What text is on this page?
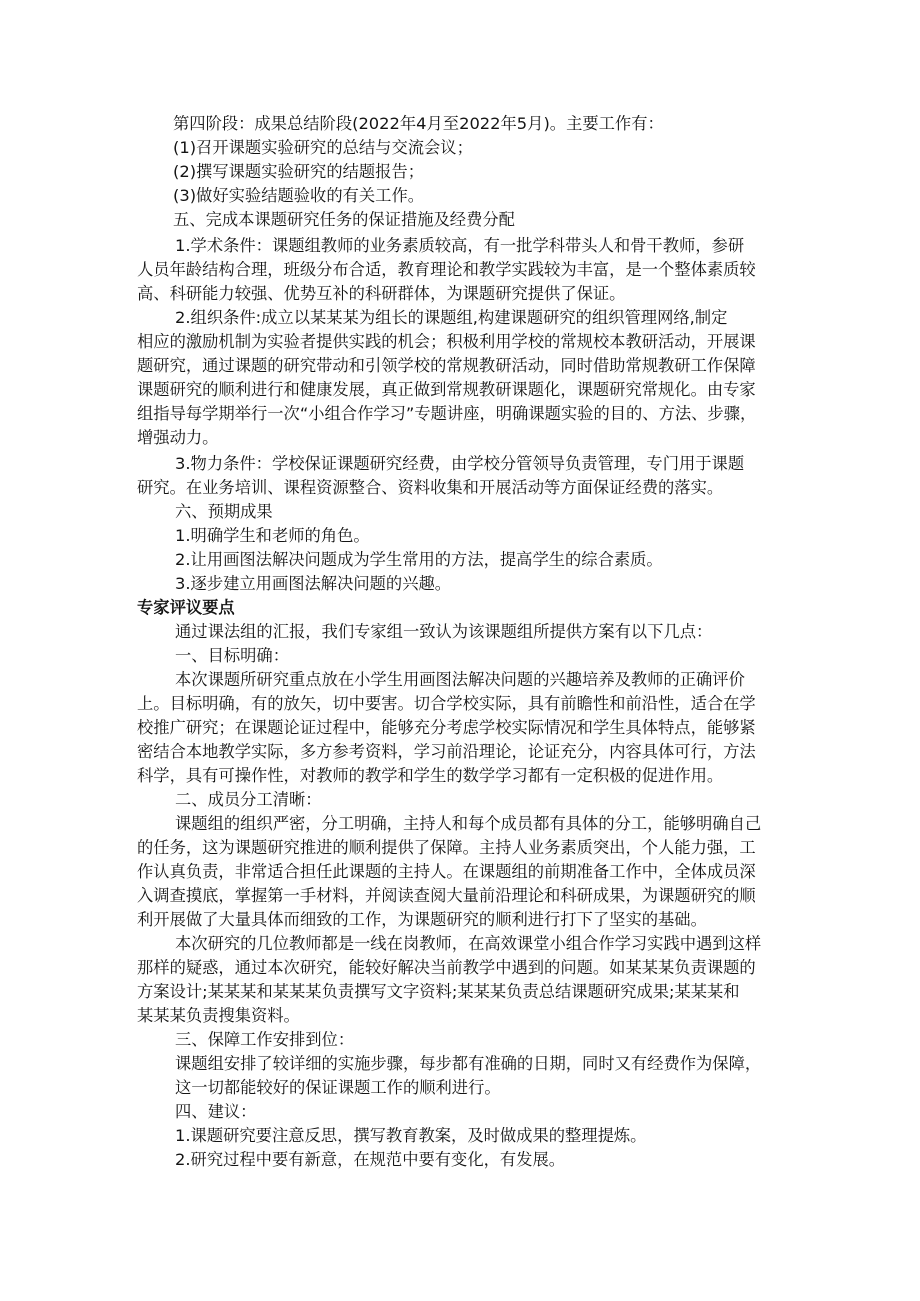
第四阶段：成果总结阶段(2022年4月至2022年5月)。主要工作有：
(1)召开课题实验研究的总结与交流会议；
(2)撰写课题实验研究的结题报告；
(3)做好实验结题验收的有关工作。
五、完成本课题研究任务的保证措施及经费分配
1.学术条件：课题组教师的业务素质较高，有一批学科带头人和骨干教师，参研
人员年龄结构合理，班级分布合适，教育理论和教学实践较为丰富，是一个整体素质较
高、科研能力较强、优势互补的科研群体，为课题研究提供了保证。
2.组织条件:成立以某某某为组长的课题组,构建课题研究的组织管理网络,制定
相应的激励机制为实验者提供实践的机会；积极利用学校的常规校本教研活动，开展课
题研究，通过课题的研究带动和引领学校的常规教研活动，同时借助常规教研工作保障
课题研究的顺利进行和健康发展，真正做到常规教研课题化，课题研究常规化。由专家
组指导每学期举行一次“小组合作学习”专题讲座，明确课题实验的目的、方法、步骤，
增强动力。
3.物力条件：学校保证课题研究经费，由学校分管领导负责管理，专门用于课题
研究。在业务培训、课程资源整合、资料收集和开展活动等方面保证经费的落实。
六、预期成果
1.明确学生和老师的角色。
2.让用画图法解决问题成为学生常用的方法，提高学生的综合素质。
3.逐步建立用画图法解决问题的兴趣。
专家评议要点
通过课法组的汇报，我们专家组一致认为该课题组所提供方案有以下几点：
一、目标明确：
本次课题所研究重点放在小学生用画图法解决问题的兴趣培养及教师的正确评价
上。目标明确，有的放矢，切中要害。切合学校实际，具有前瞻性和前沿性，适合在学
校推广研究；在课题论证过程中，能够充分考虑学校实际情况和学生具体特点，能够紧
密结合本地教学实际，多方参考资料，学习前沿理论，论证充分，内容具体可行，方法
科学，具有可操作性，对教师的教学和学生的数学学习都有一定积极的促进作用。
二、成员分工清晰：
课题组的组织严密，分工明确，主持人和每个成员都有具体的分工，能够明确自己
的任务，这为课题研究推进的顺利提供了保障。主持人业务素质突出，个人能力强，工
作认真负责，非常适合担任此课题的主持人。在课题组的前期准备工作中，全体成员深
入调查摸底，掌握第一手材料，并阅读查阅大量前沿理论和科研成果，为课题研究的顺
利开展做了大量具体而细致的工作，为课题研究的顺利进行打下了坚实的基础。
本次研究的几位教师都是一线在岗教师，在高效课堂小组合作学习实践中遇到这样
那样的疑惑，通过本次研究，能较好解决当前教学中遇到的问题。如某某某负责课题的
方案设计;某某某和某某某负责撰写文字资料;某某某负责总结课题研究成果;某某某和
某某某负责搜集资料。
三、保障工作安排到位：
课题组安排了较详细的实施步骤，每步都有准确的日期，同时又有经费作为保障，
这一切都能较好的保证课题工作的顺利进行。
四、建议：
1.课题研究要注意反思，撰写教育教案，及时做成果的整理提炼。
2.研究过程中要有新意，在规范中要有变化，有发展。
